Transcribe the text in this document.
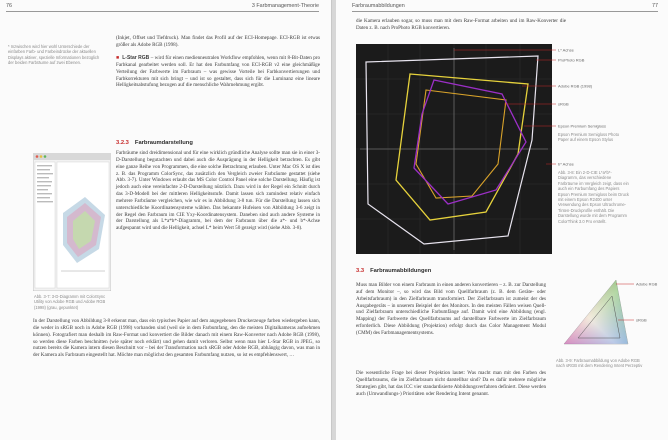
76	3 Farbmanagement-Theorie
* Inzwischen wird hier wohl Unterschiede der einfarben Farb- und Farbeindrücke der aktuellen Displays aktiver, spezielle Informationen bezüglich der beiden Farbräume auf zwei Ebenen.
(Inkjet, Offset und Tiefdruck). Man findet das Profil auf der ECI-Homepage. ECI-RGB ist etwas größer als Adobe RGB (1998).
■ L-Star RGB – wird für einen medienneutralen Workflow empfohlen, wenn mit 8-Bit-Daten pro Farbkanal gearbeitet werden soll. Er hat den Farbumfang von ECI-RGB v2 eine gleichmäßige Verteilung der Farbwerte im Farbraum – was gewisse Vorteile bei Farbkonvertierungen und Farbkorrekturen mit sich bringt – und ist so gestaltet, dass sich für die Luminanz eine lineare Helligkeitsabstufung bezogen auf die menschliche Wahrnehmung ergibt.
3.2.3 Farbraumdarstellung
Abb. 3-7: 3-D-Diagramm mit ColorSync Utility von Adobe RGB und Adobe RGB (1998) (grau, gepunktet)
Farbräume sind dreidimensional und für eine wirklich gründliche Analyse sollte man sie in einer 3-D-Darstellung begutachten und dabei auch die Ausprägung in der Helligkeit betrachten. Es gibt eine ganze Reihe von Programmen, die eine solche Betrachtung erlauben. Unter Mac OS X ist dies z. B. das Programm ColorSync, das zusätzlich den Vergleich zweier Farbräume gestattet (siehe Abb. 3-7). Unter Windows erlaubt das MS Color Control Panel eine solche Darstellung. Häufig ist jedoch auch eine vereinfachte 2-D-Darstellung nützlich. Dazu wird in der Regel ein Schnitt durch das 3-D-Modell bei der mittleren Helligkeitsstufe. Damit lassen sich zumindest relativ einfach mehrere Farbräume vergleichen, wie wir es in Abbildung 3-8 tun. Für die Darstellung lassen sich unterschiedliche Koordinatensysteme wählen. Das bekannte Hufeisen von Abbildung 3-6 zeigt in der Regel den Farbraum im CIE Yxy-Koordinatensystem. Daneben sind auch andere Systeme in der Darstellung als L*a*b*-Diagramm, bei dem der Farbraum über die a*- und b*-Achse aufgespannt wird und die Helligkeit, achsel L* beim Wert 50 gezeigt wird (siehe Abb. 3-8).
In der Darstellung von Abbildung 3-8 erkennt man, dass ein typisches Papier auf dem angegebenen Druckerzeuge farben wiedergeben kann, die weder in sRGB noch in Adobe RGB (1998) vorhanden sind (weil sie in dem Farbumfang, den die meisten Digitalkameras aufnehmen können). Fotografiert man deshalb im Raw-Format und konvertiert die Bilder danach mit einem Raw-Konverter nach Adobe RGB (1998), so werden diese Farben beschnitten (wie später noch erklärt) und gehen damit verloren. Selbst wenn man hier L-Star RGB in JPEG, so nutzen bereits die Kamera intern diesen Beschnitt vor – bei der Transformation nach sRGB oder Adobe RGB, abhängig davon, was man in der Kamera als Farbraum eingestellt hat. Möchte man möglichst den gesamten Farbumfang nutzen, so ist es empfehlenswert, …
77
Farbraumabbildungen
die Kamera erlauben sogar, so muss man mit dem Raw-Format arbeiten und im Raw-Konverter die Daten z. B. nach ProPhoto RGB konvertieren.
L* Achse
ProPhoto RGB
Adobe RGB (1998)
sRGB
Epson Premium Semigloss
b* Achse
Epson Premium Semigloss Photo Paper auf einem Epson Stylus
Abb. 3-8: Ein 2-D-CIE L*a*b*-Diagramm, das verschiedene Farbräume im Vergleich zeigt, dass ein auch ein Farbumfang des Papiers Epson Premium Semigloss beim Druck mit einem Epson R2400 unter Verwendung des Epson Ultrachrome-Tinten-Druckprofile enthält. Die Darstellung wurde mit dem Programm ColorThink 3.0 Pro erstellt.
3.3 Farbraumabbildungen
Muss man Bilder von einem Farbraum in einen anderen konvertieren – z. B. zur Darstellung auf dem Monitor –, so wird das Bild vom Quellfarbraum (z. B. dem Geräte- oder Arbeitsfarbraum) in den Zielfarbraum transformiert. Der Zielfarbraum ist zumeist der des Ausgabegeräts – in unserem Beispiel der des Monitors. In den meisten Fällen weisen Quell- und Zielfarbraum unterschiedliche Farbumfänge auf. Damit wird eine Abbildung (engl. Mapping) der Farbwerte des Quellfarbraums auf darstellbare Farbwerte im Zielfarbraum erforderlich. Diese Abbildung (Projektion) erfolgt durch das Color Management Modul (CMM) des Farbmanagementsystems.
Die wesentliche Frage bei dieser Projektion lautet: Was macht man mit den Farben des Quellfarbraums, die im Zielfarbraum nicht darstellbar sind? Da es dafür mehrere mögliche Strategien gibt, hat das ICC vier standardisierte Abbildungsverfahren definiert. Diese werden auch (Umwandlungs-) Prioritäten oder Rendering Intent genannt.
Adobe RGB
sRGB
Abb. 3-9: Farbraumabbildung von Adobe RGB nach sRGB mit dem Rendering Intent Perzeptiv
